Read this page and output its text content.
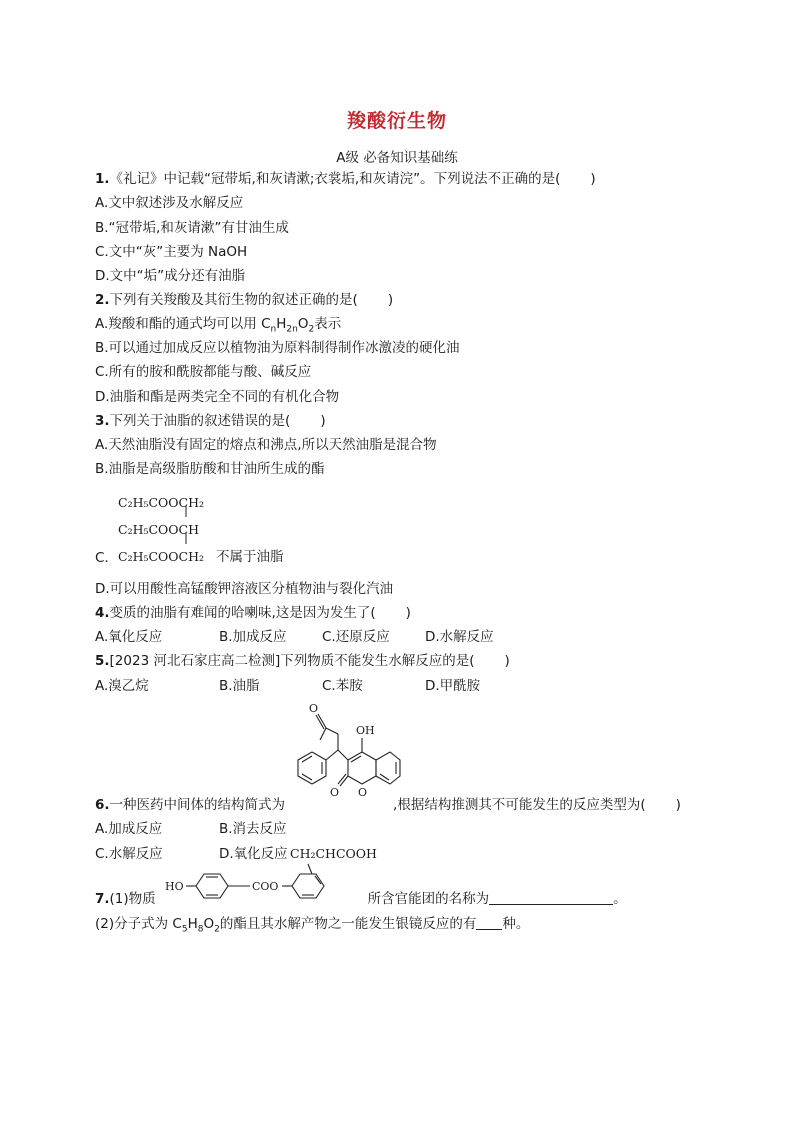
羧酸衍生物
A级 必备知识基础练
1.《礼记》中记载“冠带垢,和灰请漱;衣裳垢,和灰请浣”。下列说法不正确的是( )
A.文中叙述涉及水解反应
B.“冠带垢,和灰请漱”有甘油生成
C.文中“灰”主要为 NaOH
D.文中“垢”成分还有油脂
2.下列有关羧酸及其衍生物的叙述正确的是( )
A.羧酸和酯的通式均可以用 $C_nH_{2n}O_2$表示
B.可以通过加成反应以植物油为原料制得制作冰激凌的硬化油
C.所有的胺和酰胺都能与酸、碱反应
D.油脂和酯是两类完全不同的有机化合物
3.下列关于油脂的叙述错误的是( )
A.天然油脂没有固定的熔点和沸点,所以天然油脂是混合物
B.油脂是高级脂肪酸和甘油所生成的酯
C₂H₅COOCH₂
C₂H₅COOCH
C₂H₅COOCH₂
C.	不属于油脂
D.可以用酸性高锰酸钾溶液区分植物油与裂化汽油
4.变质的油脂有难闻的哈喇味,这是因为发生了( )
A.氧化反应	B.加成反应	C.还原反应	D.水解反应
5.[2023 河北石家庄高二检测]下列物质不能发生水解反应的是( )
A.溴乙烷	B.油脂	C.苯胺	D.甲酰胺
O
OH
O O
6.一种医药中间体的结构简式为	,根据结构推测其不可能发生的反应类型为( )
A.加成反应	B.消去反应
C.水解反应	D.氧化反应 CH₂CHCOOH
HO	COO
7.(1)物质	所含官能团的名称为	。
(2)分子式为 $C_5H_8O_2$的酯且其水解产物之一能发生银镜反应的有 种。
